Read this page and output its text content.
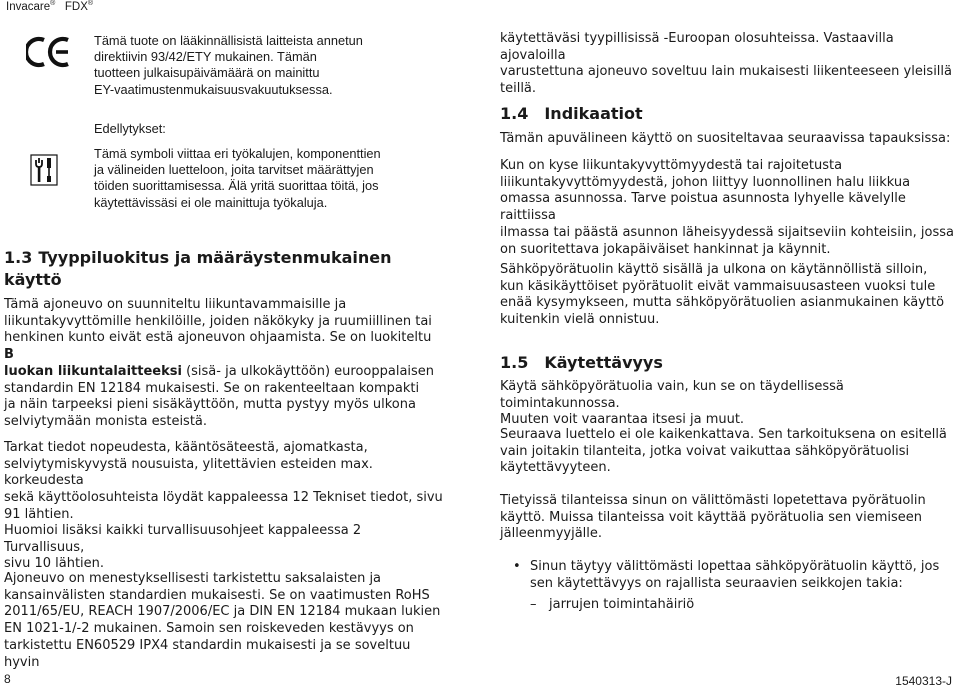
Invacare® FDX®
Tämä tuote on lääkinnällisistä laitteista annetun
direktiivin 93/42/ETY mukainen. Tämän
tuotteen julkaisupäivämäärä on mainittu
EY-vaatimustenmukaisuusvakuutuksessa.
Edellytykset:
Tämä symboli viittaa eri työkalujen, komponenttien
ja välineiden luetteloon, joita tarvitset määrättyjen
töiden suorittamisessa. Älä yritä suorittaa töitä, jos
käytettävissäsi ei ole mainittuja työkaluja.
1.3 Tyyppiluokitus ja määräystenmukainen
käyttö
Tämä ajoneuvo on suunniteltu liikuntavammaisille ja
liikuntakyvyttömille henkilöille, joiden näkökyky ja ruumiillinen tai
henkinen kunto eivät estä ajoneuvon ohjaamista. Se on luokiteltu B
luokan liikuntalaitteeksi (sisä- ja ulkokäyttöön) eurooppalaisen
standardin EN 12184 mukaisesti. Se on rakenteeltaan kompakti
ja näin tarpeeksi pieni sisäkäyttöön, mutta pystyy myös ulkona
selviytymään monista esteistä.
Tarkat tiedot nopeudesta, kääntösäteestä, ajomatkasta,
selviytymiskyvystä nousuista, ylitettävien esteiden max. korkeudesta
sekä käyttöolosuhteista löydät kappaleessa 12 Tekniset tiedot, sivu
91 lähtien.
Huomioi lisäksi kaikki turvallisuusohjeet kappaleessa 2 Turvallisuus,
sivu 10 lähtien.
Ajoneuvo on menestyksellisesti tarkistettu saksalaisten ja
kansainvälisten standardien mukaisesti. Se on vaatimusten RoHS
2011/65/EU, REACH 1907/2006/EC ja DIN EN 12184 mukaan lukien
EN 1021-1/-2 mukainen. Samoin sen roiskeveden kestävyys on
tarkistettu EN60529 IPX4 standardin mukaisesti ja se soveltuu hyvin
käytettäväsi tyypillisissä -Euroopan olosuhteissa. Vastaavilla ajovaloilla
varustettuna ajoneuvo soveltuu lain mukaisesti liikenteeseen yleisillä
teillä.
1.4 Indikaatiot
Tämän apuvälineen käyttö on suositeltavaa seuraavissa tapauksissa:
Kun on kyse liikuntakyvyttömyydestä tai rajoitetusta
liiikuntakyvyttömyydestä, johon liittyy luonnollinen halu liikkua
omassa asunnossa. Tarve poistua asunnosta lyhyelle kävelylle raittiissa
ilmassa tai päästä asunnon läheisyydessä sijaitseviin kohteisiin, jossa
on suoritettava jokapäiväiset hankinnat ja käynnit.
Sähköpyörätuolin käyttö sisällä ja ulkona on käytännöllistä silloin,
kun käsikäyttöiset pyörätuolit eivät vammaisuusasteen vuoksi tule
enää kysymykseen, mutta sähköpyörätuolien asianmukainen käyttö
kuitenkin vielä onnistuu.
1.5 Käytettävyys
Käytä sähköpyörätuolia vain, kun se on täydellisessä toimintakunnossa.
Muuten voit vaarantaa itsesi ja muut.
Seuraava luettelo ei ole kaikenkattava. Sen tarkoituksena on esitellä
vain joitakin tilanteita, jotka voivat vaikuttaa sähköpyörätuolisi
käytettävyyteen.
Tietyissä tilanteissa sinun on välittömästi lopetettava pyörätuolin
käyttö. Muissa tilanteissa voit käyttää pyörätuolia sen viemiseen
jälleenmyyjälle.
• Sinun täytyy välittömästi lopettaa sähköpyörätuolin käyttö, jos
sen käytettävyys on rajallista seuraavien seikkojen takia:
– jarrujen toimintahäiriö
8	1540313-J
